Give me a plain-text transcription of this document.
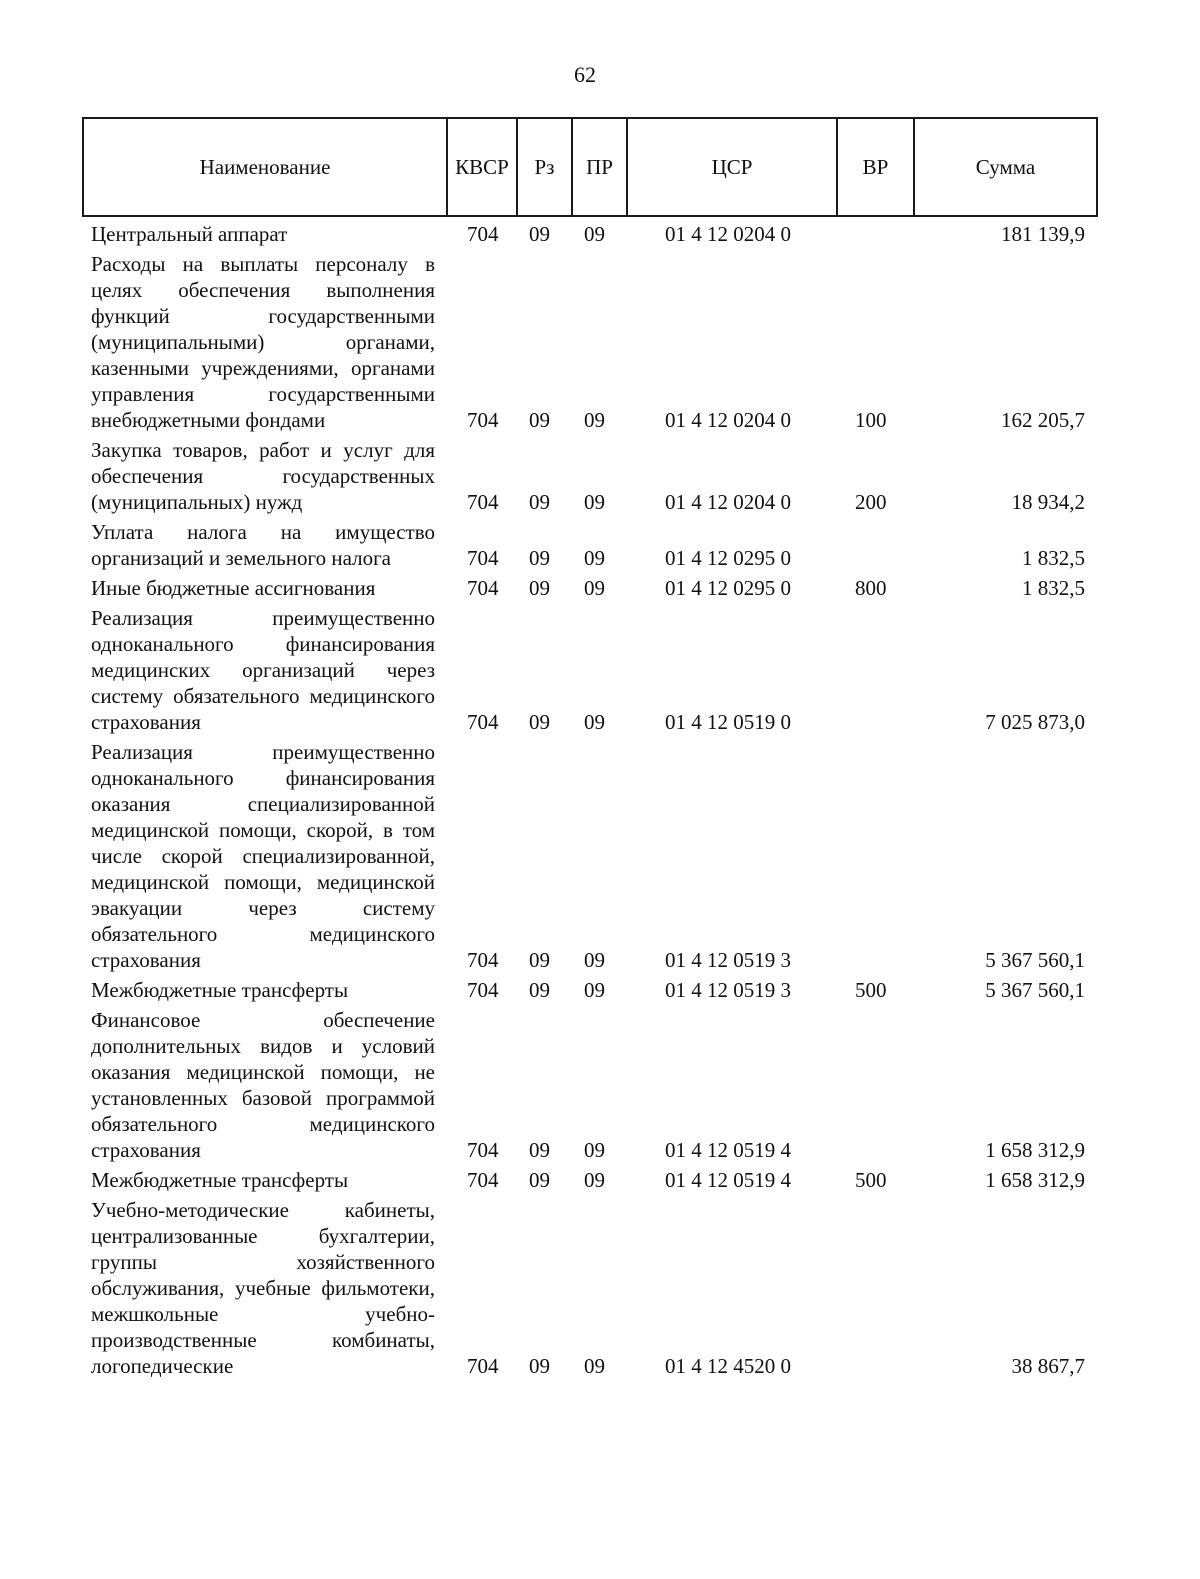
62
Наименование	КВСР	Рз	ПР	ЦСР	ВР	Сумма
Центральный аппарат	704	09	09	01 4 12 0204 0		181 139,9
Расходы на выплаты персоналу в целях обеспечения выполнения функций государственными (муниципальными) органами, казенными учреждениями, органами управления государственными внебюджетными фондами	704	09	09	01 4 12 0204 0	100	162 205,7
Закупка товаров, работ и услуг для обеспечения государственных (муниципальных) нужд	704	09	09	01 4 12 0204 0	200	18 934,2
Уплата налога на имущество организаций и земельного налога	704	09	09	01 4 12 0295 0		1 832,5
Иные бюджетные ассигнования	704	09	09	01 4 12 0295 0	800	1 832,5
Реализация преимущественно одноканального финансирования медицинских организаций через систему обязательного медицинского страхования	704	09	09	01 4 12 0519 0		7 025 873,0
Реализация преимущественно одноканального финансирования оказания специализированной медицинской помощи, скорой, в том числе скорой специализированной, медицинской помощи, медицинской эвакуации через систему обязательного медицинского страхования	704	09	09	01 4 12 0519 3		5 367 560,1
Межбюджетные трансферты	704	09	09	01 4 12 0519 3	500	5 367 560,1
Финансовое обеспечение дополнительных видов и условий оказания медицинской помощи, не установленных базовой программой обязательного медицинского страхования	704	09	09	01 4 12 0519 4		1 658 312,9
Межбюджетные трансферты	704	09	09	01 4 12 0519 4	500	1 658 312,9
Учебно-методические кабинеты, централизованные бухгалтерии, группы хозяйственного обслуживания, учебные фильмотеки, межшкольные учебно-производственные комбинаты, логопедические	704	09	09	01 4 12 4520 0		38 867,7
